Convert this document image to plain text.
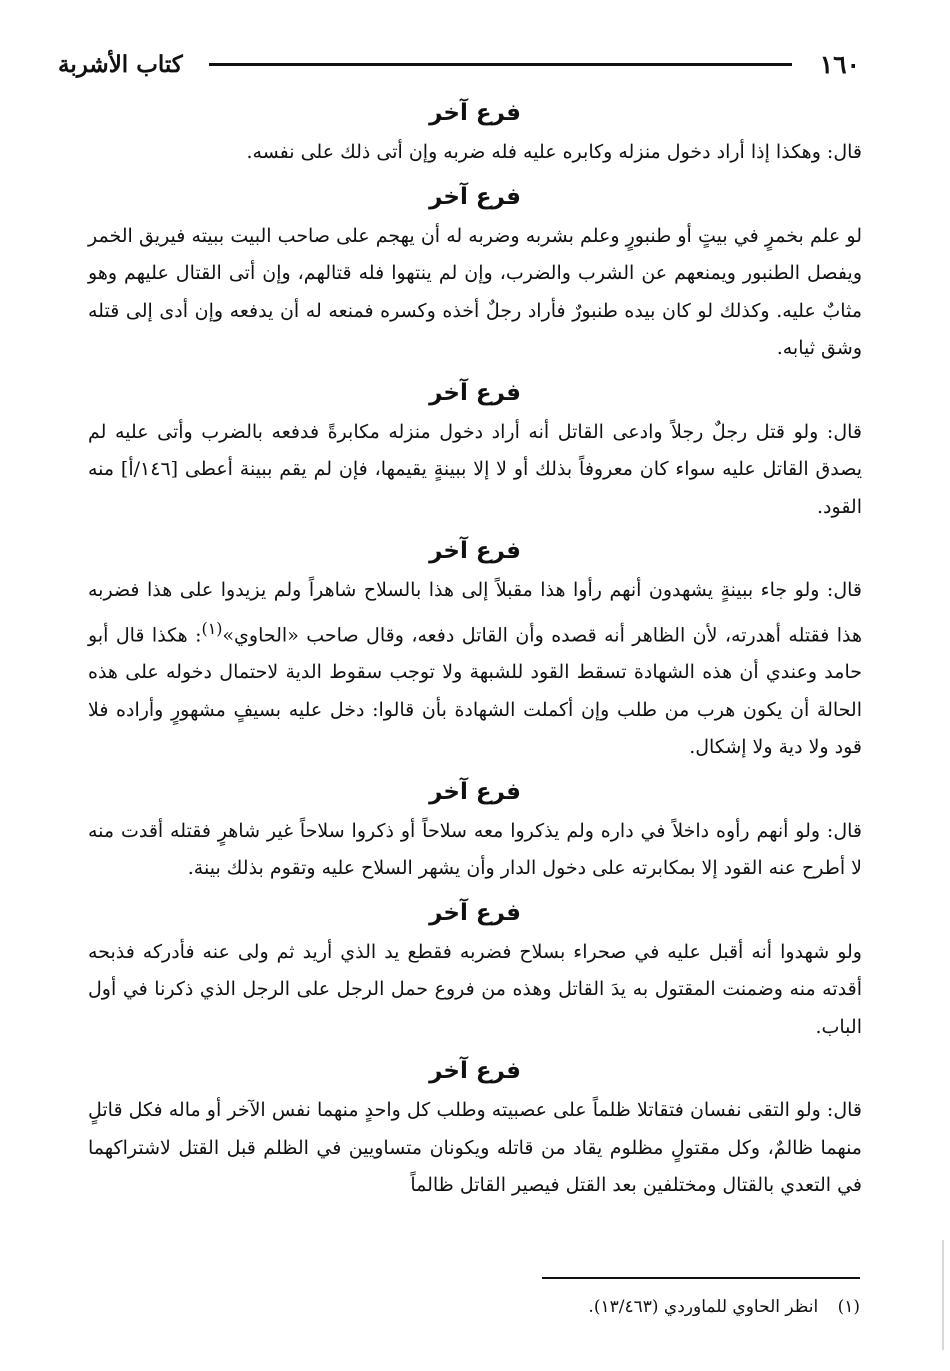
١٦٠
كتاب الأشربة
فرع آخر

قال: وهكذا إذا أراد دخول منزله وكابره عليه فله ضربه وإن أتى ذلك على نفسه.

فرع آخر

لو علم بخمرٍ في بيتٍ أو طنبورٍ وعلم بشربه وضربه له أن يهجم على صاحب البيت ببيته فيريق الخمر ويفصل الطنبور ويمنعهم عن الشرب والضرب، وإن لم ينتهوا فله قتالهم، وإن أتى القتال عليهم وهو مثابٌ عليه. وكذلك لو كان بيده طنبورٌ فأراد رجلٌ أخذه وكسره فمنعه له أن يدفعه وإن أدى إلى قتله وشق ثيابه.

فرع آخر

قال: ولو قتل رجلٌ رجلاً وادعى القاتل أنه أراد دخول منزله مكابرةً فدفعه بالضرب وأتى عليه لم يصدق القاتل عليه سواء كان معروفاً بذلك أو لا إلا ببينةٍ يقيمها، فإن لم يقم ببينة أعطى [١٤٦/أ] منه القود.

فرع آخر

قال: ولو جاء ببينةٍ يشهدون أنهم رأوا هذا مقبلاً إلى هذا بالسلاح شاهراً ولم يزيدوا على هذا فضربه هذا فقتله أهدرته، لأن الظاهر أنه قصده وأن القاتل دفعه، وقال صاحب «الحاوي»$^{(١)}$: هكذا قال أبو حامد وعندي أن هذه الشهادة تسقط القود للشبهة ولا توجب سقوط الدية لاحتمال دخوله على هذه الحالة أن يكون هرب من طلب وإن أكملت الشهادة بأن قالوا: دخل عليه بسيفٍ مشهورٍ وأراده فلا قود ولا دية ولا إشكال.

فرع آخر

قال: ولو أنهم رأوه داخلاً في داره ولم يذكروا معه سلاحاً أو ذكروا سلاحاً غير شاهرٍ فقتله أقدت منه لا أطرح عنه القود إلا بمكابرته على دخول الدار وأن يشهر السلاح عليه وتقوم بذلك بينة.

فرع آخر

ولو شهدوا أنه أقبل عليه في صحراء بسلاح فضربه فقطع يد الذي أريد ثم ولى عنه فأدركه فذبحه أقدته منه وضمنت المقتول به يدَ القاتل وهذه من فروع حمل الرجل على الرجل الذي ذكرنا في أول الباب.

فرع آخر

قال: ولو التقى نفسان فتقاتلا ظلماً على عصبيته وطلب كل واحدٍ منهما نفس الآخر أو ماله فكل قاتلٍ منهما ظالمٌ، وكل مقتولٍ مظلوم يقاد من قاتله ويكونان متساويين في الظلم قبل القتل لاشتراكهما في التعدي بالقتال ومختلفين بعد القتل فيصير القاتل ظالماً

(١) انظر الحاوي للماوردي (١٣/٤٦٣).
